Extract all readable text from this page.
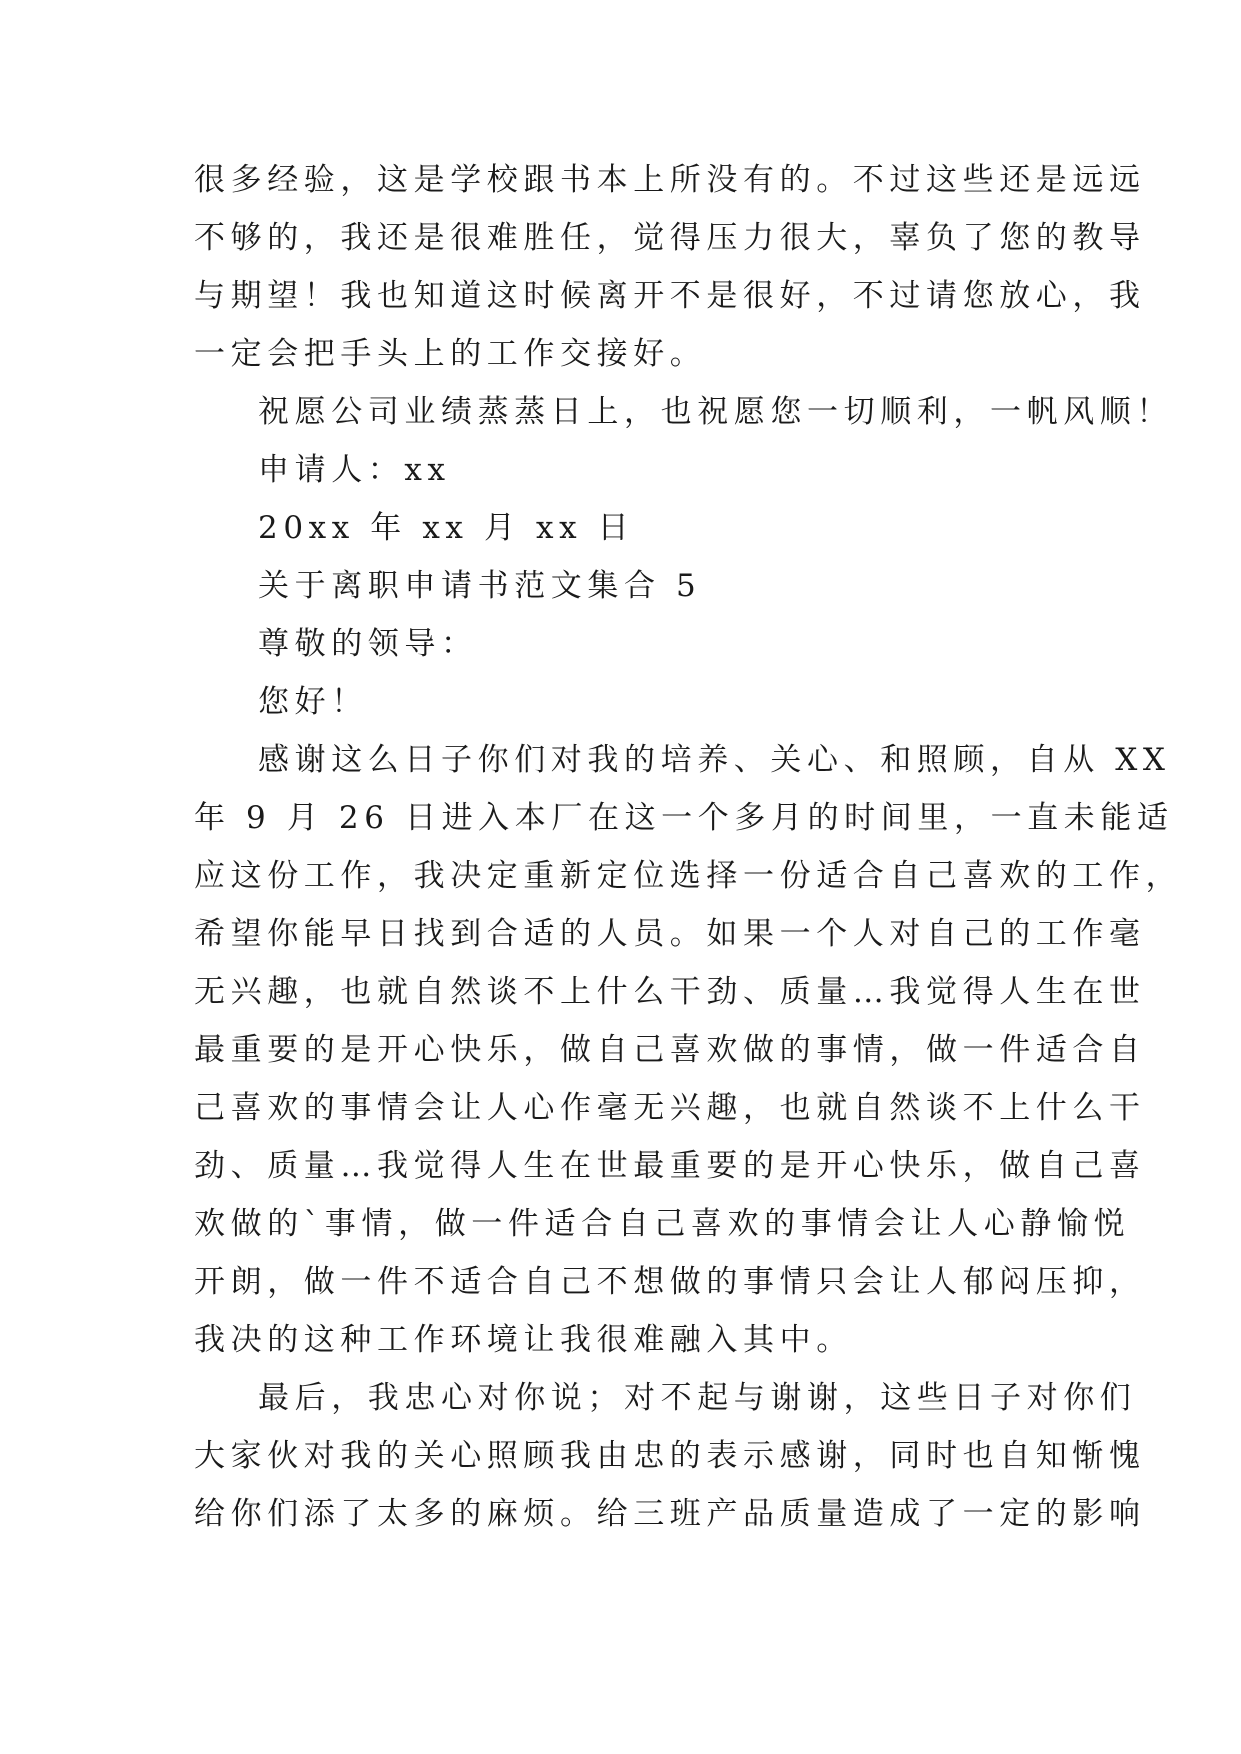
很多经验，这是学校跟书本上所没有的。不过这些还是远远
不够的，我还是很难胜任，觉得压力很大，辜负了您的教导
与期望！我也知道这时候离开不是很好，不过请您放心，我
一定会把手头上的工作交接好。
祝愿公司业绩蒸蒸日上，也祝愿您一切顺利，一帆风顺！
申请人：xx
20xx 年 xx 月 xx 日
关于离职申请书范文集合 5
尊敬的领导：
您好！
感谢这么日子你们对我的培养、关心、和照顾，自从 XX
年 9 月 26 日进入本厂在这一个多月的时间里，一直未能适
应这份工作，我决定重新定位选择一份适合自己喜欢的工作，
希望你能早日找到合适的人员。如果一个人对自己的工作毫
无兴趣，也就自然谈不上什么干劲、质量…我觉得人生在世
最重要的是开心快乐，做自己喜欢做的事情，做一件适合自
己喜欢的事情会让人心作毫无兴趣，也就自然谈不上什么干
劲、质量…我觉得人生在世最重要的是开心快乐，做自己喜
欢做的`事情，做一件适合自己喜欢的事情会让人心静愉悦
开朗，做一件不适合自己不想做的事情只会让人郁闷压抑，
我决的这种工作环境让我很难融入其中。
最后，我忠心对你说；对不起与谢谢，这些日子对你们
大家伙对我的关心照顾我由忠的表示感谢，同时也自知惭愧
给你们添了太多的麻烦。给三班产品质量造成了一定的影响
